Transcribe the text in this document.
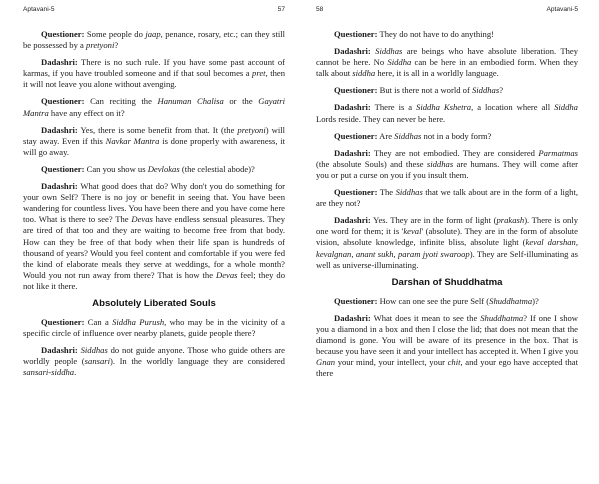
Aptavani-5	57

Questioner: Some people do jaap, penance, rosary, etc.; can they still be possessed by a pretyoni?

Dadashri: There is no such rule. If you have some past account of karmas, if you have troubled someone and if that soul becomes a pret, then it will not leave you alone without avenging.

Questioner: Can reciting the Hanuman Chalisa or the Gayatri Mantra have any effect on it?

Dadashri: Yes, there is some benefit from that. It (the pretyoni) will stay away. Even if this Navkar Mantra is done properly with awareness, it will go away.

Questioner: Can you show us Devlokas (the celestial abode)?

Dadashri: What good does that do? Why don't you do something for your own Self? There is no joy or benefit in seeing that. You have been wandering for countless lives. You have been there and you have come here too. What is there to see? The Devas have endless sensual pleasures. They are tired of that too and they are waiting to become free from that body. How can they be free of that body when their life span is hundreds of thousand of years? Would you feel content and comfortable if you were fed the kind of elaborate meals they serve at weddings, for a whole month? Would you not run away from there? That is how the Devas feel; they do not like it there.

Absolutely Liberated Souls

Questioner: Can a Siddha Purush, who may be in the vicinity of a specific circle of influence over nearby planets, guide people there?

Dadashri: Siddhas do not guide anyone. Those who guide others are worldly people (sansari). In the worldly language they are considered sansari-siddha.

58	Aptavani-5

Questioner: They do not have to do anything!

Dadashri: Siddhas are beings who have absolute liberation. They cannot be here. No Siddha can be here in an embodied form. When they talk about siddha here, it is all in a worldly language.

Questioner: But is there not a world of Siddhas?

Dadashri: There is a Siddha Kshetra, a location where all Siddha Lords reside. They can never be here.

Questioner: Are Siddhas not in a body form?

Dadashri: They are not embodied. They are considered Parmatmas (the absolute Souls) and these siddhas are humans. They will come after you or put a curse on you if you insult them.

Questioner: The Siddhas that we talk about are in the form of a light, are they not?

Dadashri: Yes. They are in the form of light (prakash). There is only one word for them; it is 'keval' (absolute). They are in the form of absolute vision, absolute knowledge, infinite bliss, absolute light (keval darshan, kevalgnan, anant sukh, param jyoti swaroop). They are Self-illuminating as well as universe-illuminating.

Darshan of Shuddhatma

Questioner: How can one see the pure Self (Shuddhatma)?

Dadashri: What does it mean to see the Shuddhatma? If one I show you a diamond in a box and then I close the lid; that does not mean that the diamond is gone. You will be aware of its presence in the box. That is because you have seen it and your intellect has accepted it. When I give you Gnan your mind, your intellect, your chit, and your ego have accepted that there
